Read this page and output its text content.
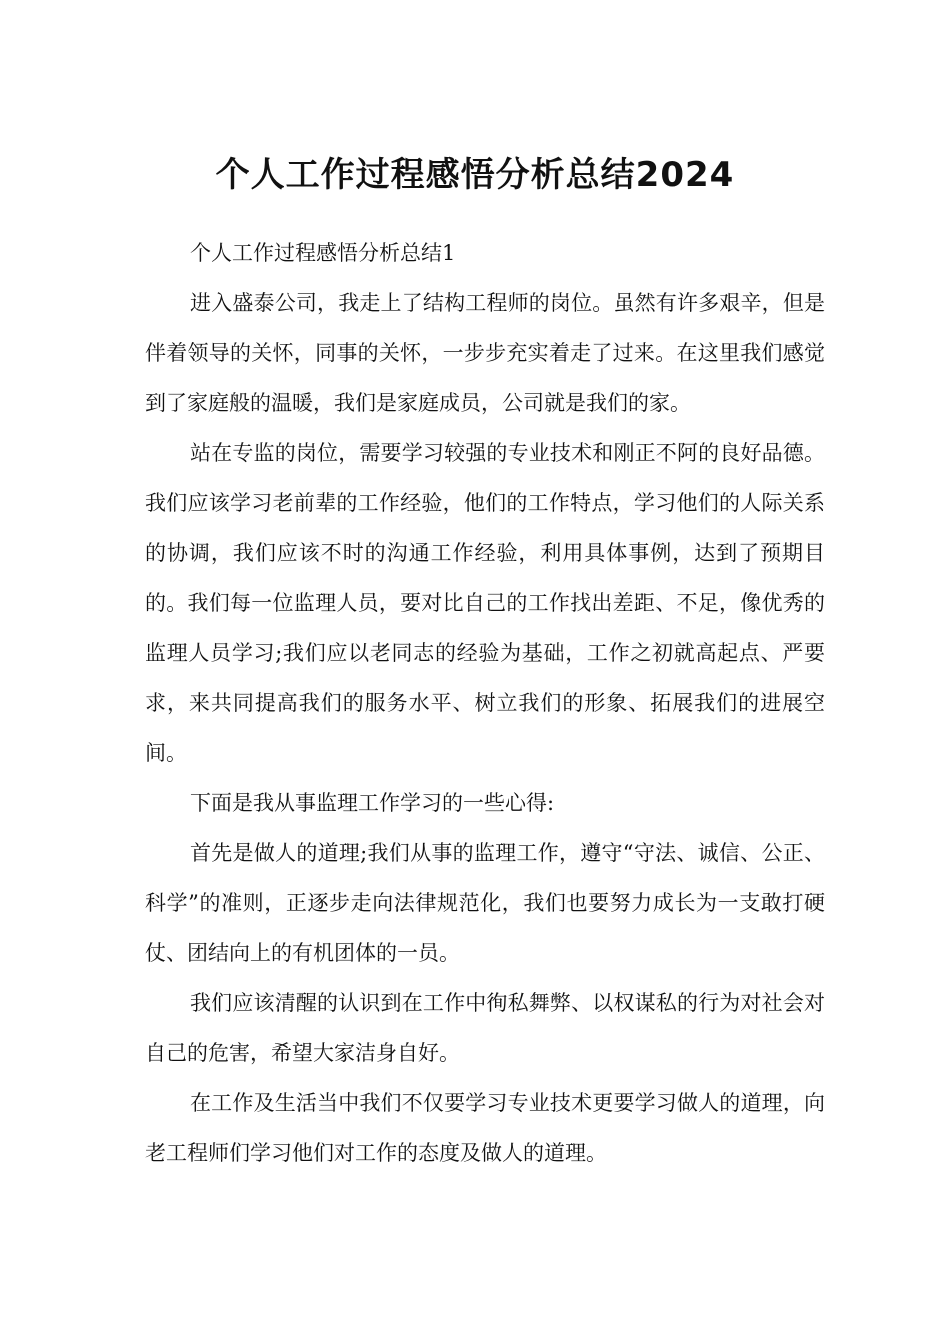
个人工作过程感悟分析总结2024

个人工作过程感悟分析总结1

进入盛泰公司，我走上了结构工程师的岗位。虽然有许多艰辛，但是伴着领导的关怀，同事的关怀，一步步充实着走了过来。在这里我们感觉到了家庭般的温暖，我们是家庭成员，公司就是我们的家。

站在专监的岗位，需要学习较强的专业技术和刚正不阿的良好品德。我们应该学习老前辈的工作经验，他们的工作特点，学习他们的人际关系的协调，我们应该不时的沟通工作经验，利用具体事例，达到了预期目的。我们每一位监理人员，要对比自己的工作找出差距、不足，像优秀的监理人员学习;我们应以老同志的经验为基础，工作之初就高起点、严要求，来共同提高我们的服务水平、树立我们的形象、拓展我们的进展空间。

下面是我从事监理工作学习的一些心得:

首先是做人的道理;我们从事的监理工作，遵守“守法、诚信、公正、科学”的准则，正逐步走向法律规范化，我们也要努力成长为一支敢打硬仗、团结向上的有机团体的一员。

我们应该清醒的认识到在工作中徇私舞弊、以权谋私的行为对社会对自己的危害，希望大家洁身自好。

在工作及生活当中我们不仅要学习专业技术更要学习做人的道理，向老工程师们学习他们对工作的态度及做人的道理。
